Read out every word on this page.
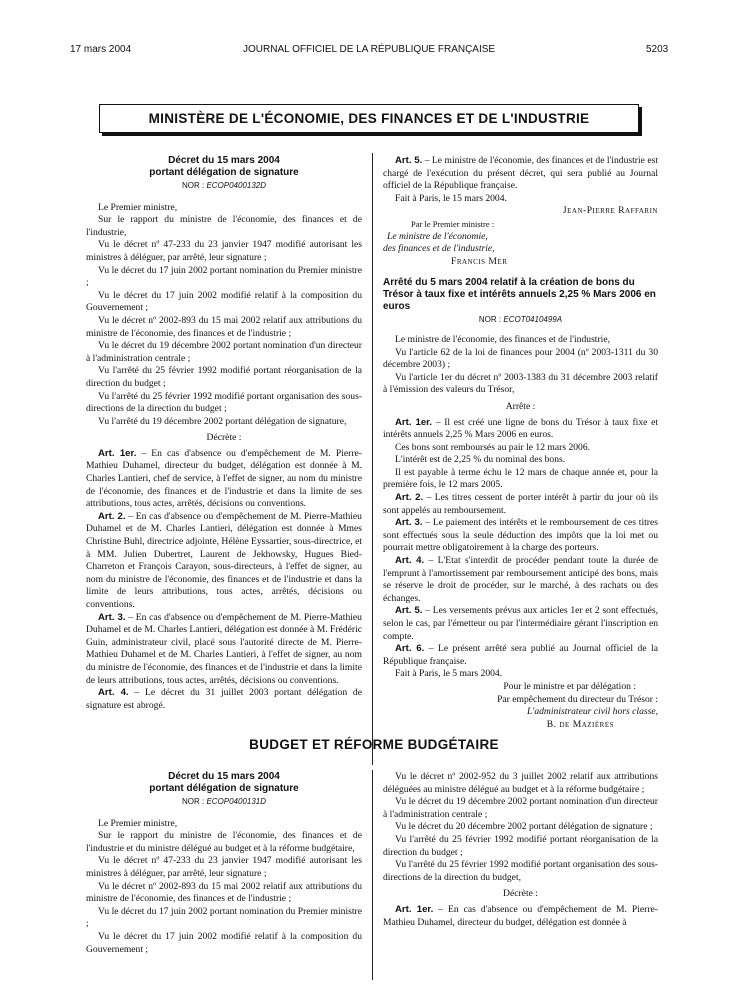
17 mars 2004	JOURNAL OFFICIEL DE LA RÉPUBLIQUE FRANÇAISE	5203
MINISTÈRE DE L'ÉCONOMIE, DES FINANCES ET DE L'INDUSTRIE
Décret du 15 mars 2004
portant délégation de signature
NOR : ECOP0400132D

Le Premier ministre,

Sur le rapport du ministre de l'économie, des finances et de l'industrie,

Vu le décret nº 47-233 du 23 janvier 1947 modifié autorisant les ministres à déléguer, par arrêté, leur signature ;

Vu le décret du 17 juin 2002 portant nomination du Premier ministre ;

Vu le décret du 17 juin 2002 modifié relatif à la composition du Gouvernement ;

Vu le décret nº 2002-893 du 15 mai 2002 relatif aux attributions du ministre de l'économie, des finances et de l'industrie ;

Vu le décret du 19 décembre 2002 portant nomination d'un directeur à l'administration centrale ;

Vu l'arrêté du 25 février 1992 modifié portant réorganisation de la direction du budget ;

Vu l'arrêté du 25 février 1992 modifié portant organisation des sous-directions de la direction du budget ;

Vu l'arrêté du 19 décembre 2002 portant délégation de signature,

Décrète :

Art. 1er. – En cas d'absence ou d'empêchement de M. Pierre-Mathieu Duhamel, directeur du budget, délégation est donnée à M. Charles Lantieri, chef de service, à l'effet de signer, au nom du ministre de l'économie, des finances et de l'industrie et dans la limite de ses attributions, tous actes, arrêtés, décisions ou conventions.

Art. 2. – En cas d'absence ou d'empêchement de M. Pierre-Mathieu Duhamel et de M. Charles Lantieri, délégation est donnée à Mmes Christine Buhl, directrice adjointe, Hélène Eyssartier, sous-directrice, et à MM. Julien Dubertret, Laurent de Jekhowsky, Hugues Bied-Charreton et François Carayon, sous-directeurs, à l'effet de signer, au nom du ministre de l'économie, des finances et de l'industrie et dans la limite de leurs attributions, tous actes, arrêtés, décisions ou conventions.

Art. 3. – En cas d'absence ou d'empêchement de M. Pierre-Mathieu Duhamel et de M. Charles Lantieri, délégation est donnée à M. Frédéric Guin, administrateur civil, placé sous l'autorité directe de M. Pierre-Mathieu Duhamel et de M. Charles Lantieri, à l'effet de signer, au nom du ministre de l'économie, des finances et de l'industrie et dans la limite de leurs attributions, tous actes, arrêtés, décisions ou conventions.

Art. 4. – Le décret du 31 juillet 2003 portant délégation de signature est abrogé.

Art. 5. – Le ministre de l'économie, des finances et de l'industrie est chargé de l'exécution du présent décret, qui sera publié au Journal officiel de la République française.

Fait à Paris, le 15 mars 2004.

Jean-Pierre Raffarin
Par le Premier ministre :
Le ministre de l'économie,
des finances et de l'industrie,
Francis Mer
Arrêté du 5 mars 2004 relatif à la création de bons du Trésor à taux fixe et intérêts annuels 2,25 % Mars 2006 en euros
NOR : ECOT0410499A

Le ministre de l'économie, des finances et de l'industrie,

Vu l'article 62 de la loi de finances pour 2004 (nº 2003-1311 du 30 décembre 2003) ;

Vu l'article 1er du décret nº 2003-1383 du 31 décembre 2003 relatif à l'émission des valeurs du Trésor,

Arrête :

Art. 1er. – Il est créé une ligne de bons du Trésor à taux fixe et intérêts annuels 2,25 % Mars 2006 en euros.

Ces bons sont remboursés au pair le 12 mars 2006.

L'intérêt est de 2,25 % du nominal des bons.

Il est payable à terme échu le 12 mars de chaque année et, pour la première fois, le 12 mars 2005.

Art. 2. – Les titres cessent de porter intérêt à partir du jour où ils sont appelés au remboursement.

Art. 3. – Le paiement des intérêts et le remboursement de ces titres sont effectués sous la seule déduction des impôts que la loi met ou pourrait mettre obligatoirement à la charge des porteurs.

Art. 4. – L'Etat s'interdit de procéder pendant toute la durée de l'emprunt à l'amortissement par remboursement anticipé des bons, mais se réserve le droit de procéder, sur le marché, à des rachats ou des échanges.

Art. 5. – Les versements prévus aux articles 1er et 2 sont effectués, selon le cas, par l'émetteur ou par l'intermédiaire gérant l'inscription en compte.

Art. 6. – Le présent arrêté sera publié au Journal officiel de la République française.

Fait à Paris, le 5 mars 2004.

Pour le ministre et par délégation :
Par empêchement du directeur du Trésor :
L'administrateur civil hors classe,
B. de Mazières
BUDGET ET RÉFORME BUDGÉTAIRE
Décret du 15 mars 2004
portant délégation de signature
NOR : ECOP0400131D

Le Premier ministre,

Sur le rapport du ministre de l'économie, des finances et de l'industrie et du ministre délégué au budget et à la réforme budgétaire,

Vu le décret nº 47-233 du 23 janvier 1947 modifié autorisant les ministres à déléguer, par arrêté, leur signature ;

Vu le décret nº 2002-893 du 15 mai 2002 relatif aux attributions du ministre de l'économie, des finances et de l'industrie ;

Vu le décret du 17 juin 2002 portant nomination du Premier ministre ;

Vu le décret du 17 juin 2002 modifié relatif à la composition du Gouvernement ;

Vu le décret nº 2002-952 du 3 juillet 2002 relatif aux attributions déléguées au ministre délégué au budget et à la réforme budgétaire ;

Vu le décret du 19 décembre 2002 portant nomination d'un directeur à l'administration centrale ;

Vu le décret du 20 décembre 2002 portant délégation de signature ;

Vu l'arrêté du 25 février 1992 modifié portant réorganisation de la direction du budget ;

Vu l'arrêté du 25 février 1992 modifié portant organisation des sous-directions de la direction du budget,

Décrète :

Art. 1er. – En cas d'absence ou d'empêchement de M. Pierre-Mathieu Duhamel, directeur du budget, délégation est donnée à
